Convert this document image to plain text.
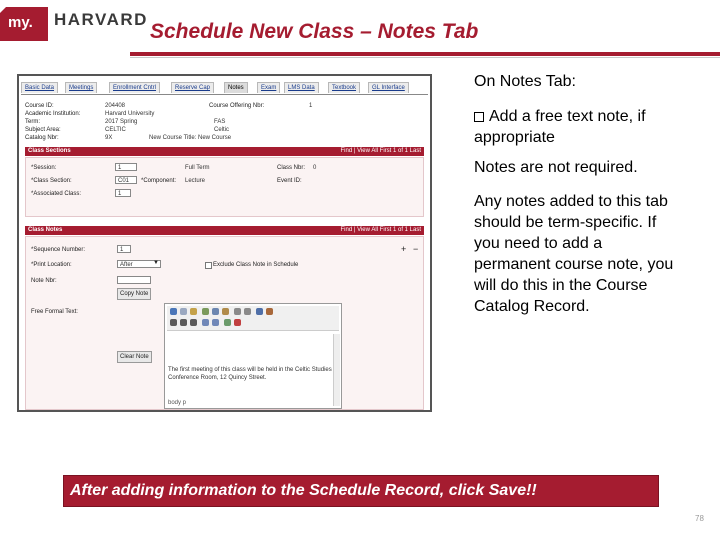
my. HARVARD
Schedule New Class – Notes Tab
Basic Data	Meetings	Enrollment Cntrl	Reserve Cap	Notes	Exam	LMS Data	Textbook	GL Interface
Course ID:	204408	Course Offering Nbr:	1
Academic Institution:	Harvard University
Term:	2017 Spring	FAS
Subject Area:	CELTIC	Celtic
Catalog Nbr:	9X	New Course Title: New Course
Class Sections	Find | View All First 1 of 1 Last
*Session:	1	Full Term	Class Nbr: 0
*Class Section:	C01	*Component: Lecture	Event ID:
*Associated Class:	1
Class Notes	Find | View All First 1 of 1 Last
*Sequence Number:	1	+ −
*Print Location:	After	▼	Exclude Class Note in Schedule
Note Nbr:
Copy Note
Free Formal Text:
Clear Note
The first meeting of this class will be held in the Celtic Studies Conference Room, 12 Quincy Street.
body p
On Notes Tab:
Add a free text note, if appropriate
Notes are not required.
Any notes added to this tab should be term-specific. If you need to add a permanent course note, you will do this in the Course Catalog Record.
After adding information to the Schedule Record, click Save!!
78
